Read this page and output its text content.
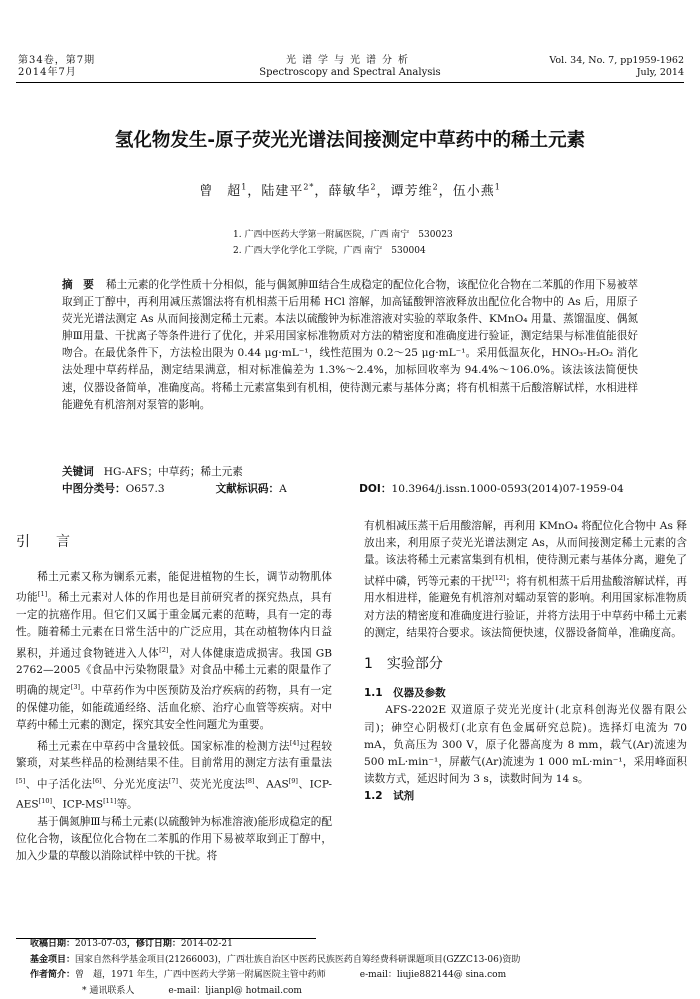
第34卷，第7期
2014年7月
光谱学与光谱分析
Spectroscopy and Spectral Analysis
Vol. 34, No. 7, pp1959-1962
July, 2014
氢化物发生-原子荧光光谱法间接测定中草药中的稀土元素
曾　超$^1$，陆建平$^{2*}$，薛敏华$^2$，谭芳维$^2$，伍小燕$^1$
1. 广西中医药大学第一附属医院，广西 南宁　530023
2. 广西大学化学化工学院，广西 南宁　530004
摘　要 稀土元素的化学性质十分相似，能与偶氮胂Ⅲ结合生成稳定的配位化合物，该配位化合物在二苯胍的作用下易被萃取到正丁醇中，再利用减压蒸馏法将有机相蒸干后用稀 HCl 溶解，加高锰酸钾溶液释放出配位化合物中的 As 后，用原子荧光光谱法测定 As 从而间接测定稀土元素。本法以硫酸钟为标准溶液对实验的萃取条件、KMnO₄ 用量、蒸馏温度、偶氮胂Ⅲ用量、干扰离子等条件进行了优化，并采用国家标准物质对方法的精密度和准确度进行验证，测定结果与标准值能很好吻合。在最优条件下，方法检出限为 0.44 μg·mL⁻¹，线性范围为 0.2～25 μg·mL⁻¹。采用低温灰化，HNO₃-H₂O₂ 消化法处理中草药样品，测定结果满意，相对标准偏差为 1.3%～2.4%，加标回收率为 94.4%～106.0%。该法该法简便快速，仪器设备简单，准确度高。将稀土元素富集到有机相，使待测元素与基体分离；将有机相蒸干后酸溶解试样，水相进样能避免有机溶剂对泵管的影响。
关键词 HG-AFS；中草药；稀土元素
中图分类号：O657.3	文献标识码：A	DOI：10.3964/j.issn.1000-0593(2014)07-1959-04
引　言

稀土元素又称为镧系元素，能促进植物的生长，调节动物肌体功能[1]。稀土元素对人体的作用也是目前研究者的探究热点，具有一定的抗癌作用。但它们又属于重金属元素的范畴，具有一定的毒性。随着稀土元素在日常生活中的广泛应用，其在动植物体内日益累积，并通过食物链进入人体[2]，对人体健康造成损害。我国 GB 2762—2005《食品中污染物限量》对食品中稀土元素的限量作了明确的规定[3]。中草药作为中医预防及治疗疾病的药物，具有一定的保健功能，如能疏通经络、活血化瘀、治疗心血管等疾病。对中草药中稀土元素的测定，探究其安全性问题尤为重要。

稀土元素在中草药中含量较低。国家标准的检测方法[4]过程较繁琐，对某些样品的检测结果不佳。目前常用的测定方法有重量法[5]、中子活化法[6]、分光光度法[7]、荧光光度法[8]、AAS[9]、ICP-AES[10]、ICP-MS[11]等。

基于偶氮胂Ⅲ与稀土元素(以硫酸钟为标准溶液)能形成稳定的配位化合物，该配位化合物在二苯胍的作用下易被萃取到正丁醇中，加入少量的草酸以消除试样中铁的干扰。将

有机相减压蒸干后用酸溶解，再利用 KMnO₄ 将配位化合物中 As 释放出来，利用原子荧光光谱法测定 As，从而间接测定稀土元素的含量。该法将稀土元素富集到有机相，使待测元素与基体分离，避免了试样中磷，钙等元素的干扰[12]；将有机相蒸干后用盐酸溶解试样，再用水相进样，能避免有机溶剂对蠕动泵管的影响。利用国家标准物质对方法的精密度和准确度进行验证，并将方法用于中草药中稀土元素的测定，结果符合要求。该法简便快速，仪器设备简单，准确度高。

1　实验部分
1.1　仪器及参数

AFS-2202E 双道原子荧光光度计(北京科创海光仪器有限公司)；砷空心阴极灯(北京有色金属研究总院)。选择灯电流为 70 mA，负高压为 300 V，原子化器高度为 8 mm，载气(Ar)流速为 500 mL·min⁻¹，屏蔽气(Ar)流速为 1 000 mL·min⁻¹，采用峰面积读数方式，延迟时间为 3 s，读数时间为 14 s。

1.2　试剂
收稿日期：2013-07-03，修订日期：2014-02-21
基金项目：国家自然科学基金项目(21266003)，广西壮族自治区中医药民族医药自筹经费科研课题项目(GZZC13-06)资助
作者简介：曾　超，1971 年生，广西中医药大学第一附属医院主管中药师	e-mail：liujie882144@ sina.com
* 通讯联系人	e-mail：ljianpl@ hotmail.com
